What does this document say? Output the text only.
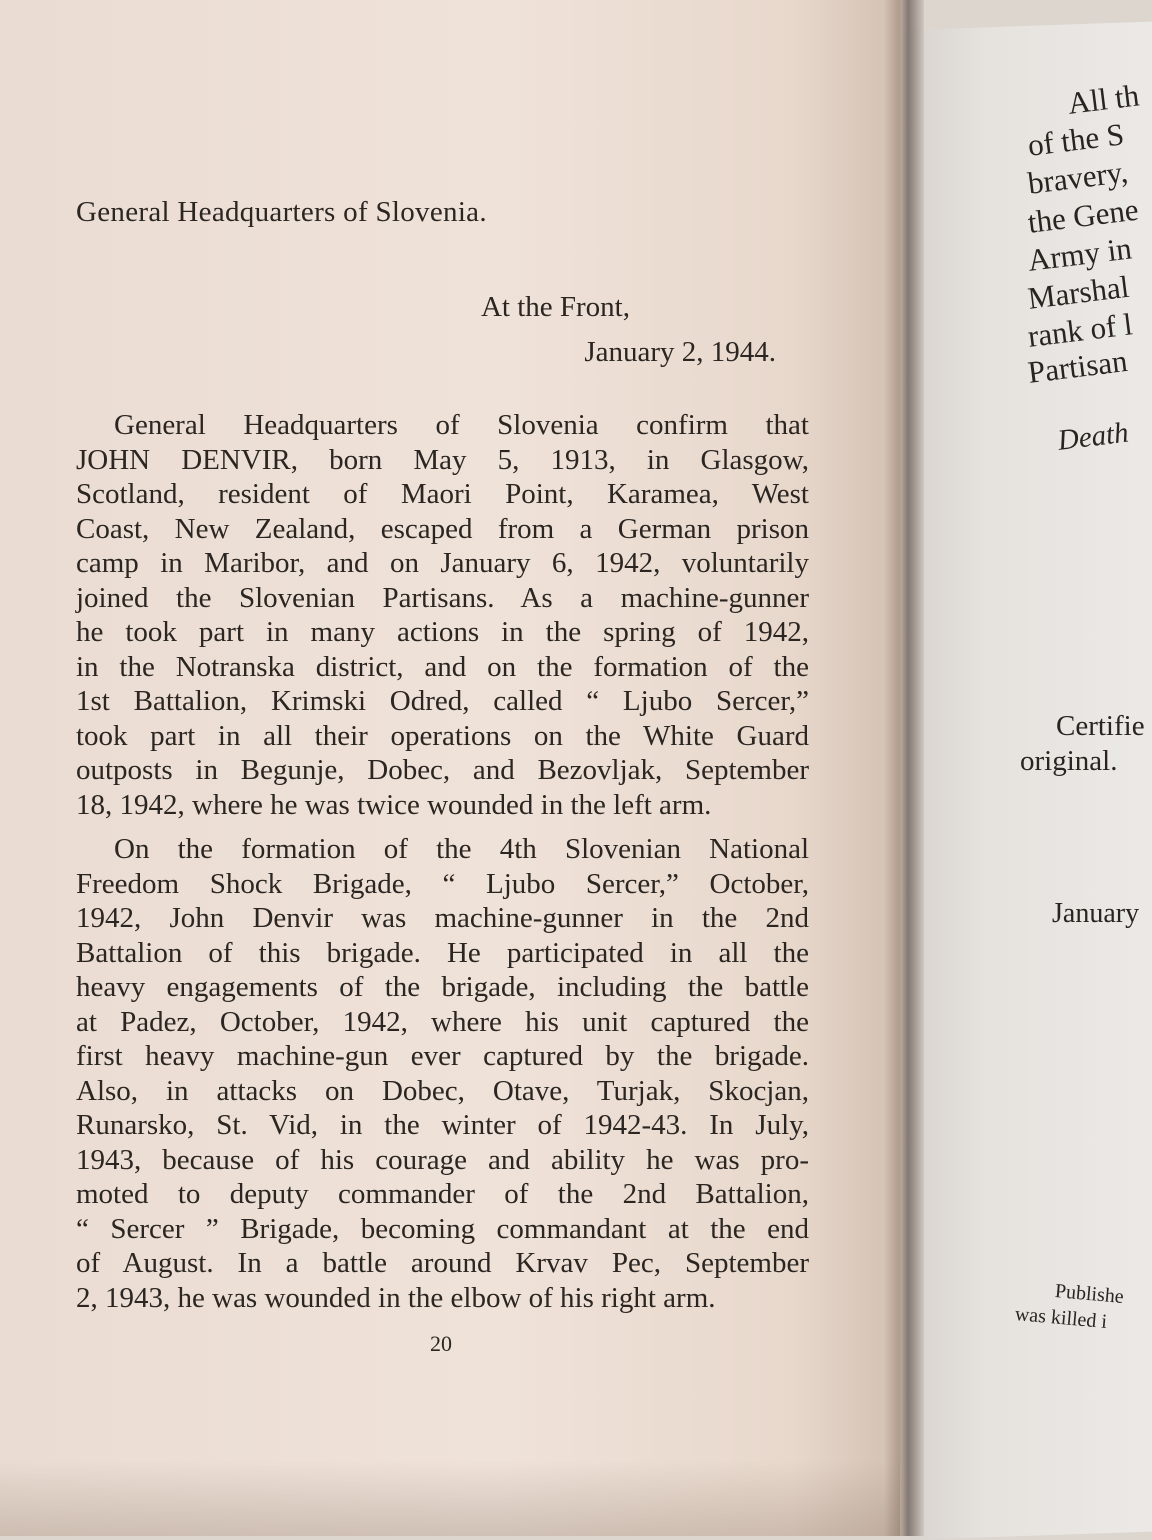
General Headquarters of Slovenia.

At the Front,

January 2, 1944.

General Headquarters of Slovenia confirm that
JOHN DENVIR, born May 5, 1913, in Glasgow,
Scotland, resident of Maori Point, Karamea, West
Coast, New Zealand, escaped from a German prison
camp in Maribor, and on January 6, 1942, voluntarily
joined the Slovenian Partisans. As a machine-gunner
he took part in many actions in the spring of 1942,
in the Notranska district, and on the formation of the
1st Battalion, Krimski Odred, called “ Ljubo Sercer,”
took part in all their operations on the White Guard
outposts in Begunje, Dobec, and Bezovljak, September
18, 1942, where he was twice wounded in the left arm.

On the formation of the 4th Slovenian National
Freedom Shock Brigade, “ Ljubo Sercer,” October,
1942, John Denvir was machine-gunner in the 2nd
Battalion of this brigade. He participated in all the
heavy engagements of the brigade, including the battle
at Padez, October, 1942, where his unit captured the
first heavy machine-gun ever captured by the brigade.
Also, in attacks on Dobec, Otave, Turjak, Skocjan,
Runarsko, St. Vid, in the winter of 1942-43. In July,
1943, because of his courage and ability he was pro-
moted to deputy commander of the 2nd Battalion,
“ Sercer ” Brigade, becoming commandant at the end
of August. In a battle around Krvav Pec, September
2, 1943, he was wounded in the elbow of his right arm.

20

All th
of the S
bravery,
the Gene
Army in
Marshal
rank of l
Partisan
Death
Certifie
original.
January
Publishe
was killed i
